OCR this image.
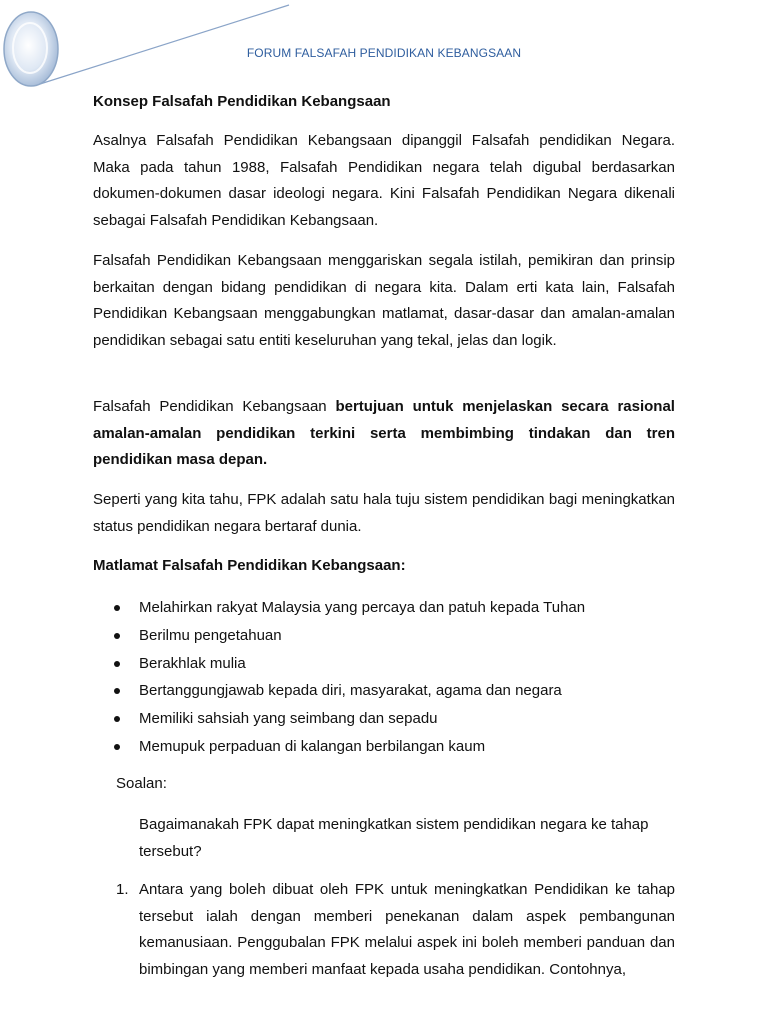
FORUM FALSAFAH PENDIDIKAN KEBANGSAAN
Konsep Falsafah Pendidikan Kebangsaan
Asalnya Falsafah Pendidikan Kebangsaan dipanggil Falsafah pendidikan Negara. Maka pada tahun 1988, Falsafah Pendidikan negara telah digubal berdasarkan dokumen-dokumen dasar ideologi negara. Kini Falsafah Pendidikan Negara dikenali sebagai Falsafah Pendidikan Kebangsaan.
Falsafah Pendidikan Kebangsaan menggariskan segala istilah, pemikiran dan prinsip berkaitan dengan bidang pendidikan di negara kita. Dalam erti kata lain, Falsafah Pendidikan Kebangsaan menggabungkan matlamat, dasar-dasar dan amalan-amalan pendidikan sebagai satu entiti keseluruhan yang tekal, jelas dan logik.
Falsafah Pendidikan Kebangsaan bertujuan untuk menjelaskan secara rasional amalan-amalan pendidikan terkini serta membimbing tindakan dan tren pendidikan masa depan.
Seperti yang kita tahu, FPK adalah satu hala tuju sistem pendidikan bagi meningkatkan status pendidikan negara bertaraf dunia.
Matlamat Falsafah Pendidikan Kebangsaan:
Melahirkan rakyat Malaysia yang percaya dan patuh kepada Tuhan
Berilmu pengetahuan
Berakhlak mulia
Bertanggungjawab kepada diri, masyarakat, agama dan negara
Memiliki sahsiah yang seimbang dan sepadu
Memupuk perpaduan di kalangan berbilangan kaum
Soalan:
Bagaimanakah FPK dapat meningkatkan sistem pendidikan negara ke tahap tersebut?
1. Antara yang boleh dibuat oleh FPK untuk meningkatkan Pendidikan ke tahap tersebut ialah dengan memberi penekanan dalam aspek pembangunan kemanusiaan. Penggubalan FPK melalui aspek ini boleh memberi panduan dan bimbingan yang memberi manfaat kepada usaha pendidikan. Contohnya,
